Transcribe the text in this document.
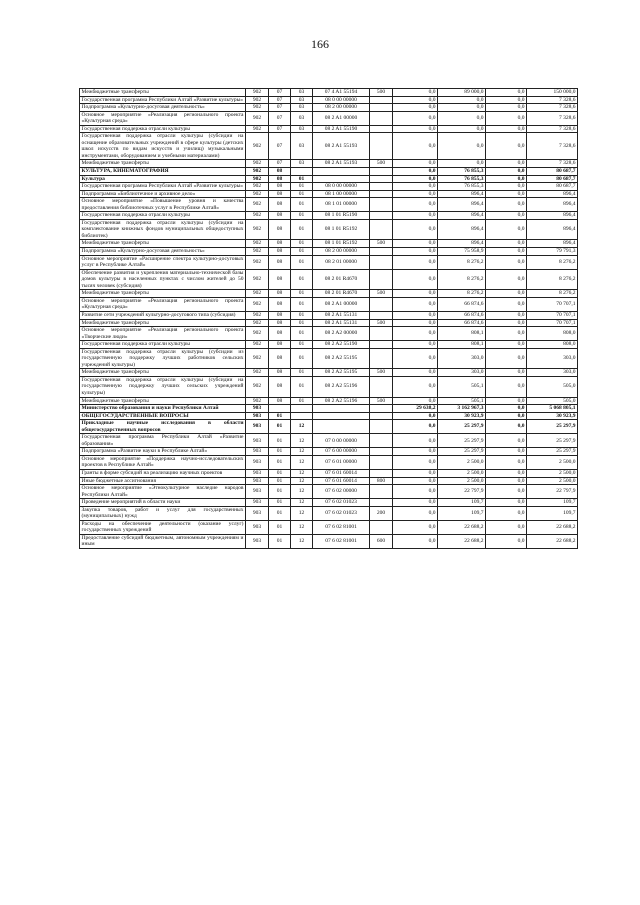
166
Межбюджетные трансферты	902	07	03	07 4 A1 55194	500	0,0	89 000,0	0,0	150 000,0
Государственная программа Республики Алтай «Развитие культуры»	902	07	03	08 0 00 00000		0,0	0,0	0,0	7 328,6
Подпрограмма «Культурно-досуговая деятельность»	902	07	03	08 2 00 00000		0,0	0,0	0,0	7 328,6
Основное мероприятие «Реализация регионального проекта «Культурная среда»	902	07	03	08 2 A1 00000		0,0	0,0	0,0	7 328,6
Государственная поддержка отрасли культуры	902	07	03	08 2 A1 55190		0,0	0,0	0,0	7 328,6
Государственная поддержка отрасли культуры (субсидии на оснащение образовательных учреждений в сфере культуры (детских школ искусств по видам искусств и училищ) музыкальными инструментами, оборудованием и учебными материалами)	902	07	03	08 2 A1 55193		0,0	0,0	0,0	7 328,6
Межбюджетные трансферты	902	07	03	08 2 A1 55193	500	0,0	0,0	0,0	7 328,6
КУЛЬТУРА, КИНЕМАТОГРАФИЯ	902	08				0,0	76 855,3	0,0	80 687,7
Культура	902	08	01			0,0	76 855,3	0,0	80 687,7
Государственная программа Республики Алтай «Развитие культуры»	902	08	01	08 0 00 00000		0,0	76 855,3	0,0	80 687,7
Подпрограмма «Библиотечное и архивное дело»	902	08	01	08 1 00 00000		0,0	896,4	0,0	896,4
Основное мероприятие «Повышение уровня и качества предоставления библиотечных услуг в Республике Алтай»	902	08	01	08 1 01 00000		0,0	896,4	0,0	896,4
Государственная поддержка отрасли культуры	902	08	01	08 1 01 R5190		0,0	896,4	0,0	896,4
Государственная поддержка отрасли культуры (субсидии на комплектование книжных фондов муниципальных общедоступных библиотек)	902	08	01	08 1 01 R5192		0,0	896,4	0,0	896,4
Межбюджетные трансферты	902	08	01	08 1 01 R5192	500	0,0	896,4	0,0	896,4
Подпрограмма «Культурно-досуговая деятельность»	902	08	01	08 2 00 00000		0,0	75 958,9	0,0	79 791,3
Основное мероприятие «Расширение спектра культурно-досуговых услуг в Республике Алтай»	902	08	01	08 2 01 00000		0,0	8 276,2	0,0	8 276,2
Обеспечение развития и укрепления материально-технической базы домов культуры в населенных пунктах с числом жителей до 50 тысяч человек (субсидия)	902	08	01	08 2 01 R4670		0,0	8 276,2	0,0	8 276,2
Межбюджетные трансферты	902	08	01	08 2 01 R4670	500	0,0	8 276,2	0,0	8 276,2
Основное мероприятие «Реализация регионального проекта «Культурная среда»	902	08	01	08 2 A1 00000		0,0	66 874,6	0,0	70 707,1
Развитие сети учреждений культурно-досугового типа (субсидия)	902	08	01	08 2 A1 55131		0,0	66 874,6	0,0	70 707,1
Межбюджетные трансферты	902	08	01	08 2 A1 55131	500	0,0	66 874,6	0,0	70 707,1
Основное мероприятие «Реализация регионального проекта «Творческие люди»	902	08	01	08 2 A2 00000		0,0	808,1	0,0	808,0
Государственная поддержка отрасли культуры	902	08	01	08 2 A2 55190		0,0	808,1	0,0	808,0
Государственная поддержка отрасли культуры (субсидии из государственную поддержку лучших работников сельских учреждений культуры)	902	08	01	08 2 A2 55195		0,0	303,0	0,0	303,0
Межбюджетные трансферты	902	08	01	08 2 A2 55195	500	0,0	303,0	0,0	303,0
Государственная поддержка отрасли культуры (субсидии на государственную поддержку лучших сельских учреждений культуры)	902	08	01	08 2 A2 55196		0,0	505,1	0,0	505,0
Межбюджетные трансферты	902	08	01	08 2 A2 55196	500	0,0	505,1	0,0	505,0
Министерство образования и науки Республики Алтай	903					29 638,2	3 162 967,3	0,0	5 068 805,1
ОБЩЕГОСУДАРСТВЕННЫЕ ВОПРОСЫ	903	01				0,0	30 923,9	0,0	30 923,9
Прикладные научные исследования в области общегосударственных вопросов	903	01	12			0,0	25 297,9	0,0	25 297,9
Государственная программа Республики Алтай «Развитие образования»	903	01	12	07 0 00 00000		0,0	25 297,9	0,0	25 297,9
Подпрограмма «Развитие науки в Республике Алтай»	903	01	12	07 6 00 00000		0,0	25 297,9	0,0	25 297,9
Основное мероприятие «Поддержка научно-исследовательских проектов в Республике Алтай»	903	01	12	07 6 01 00000		0,0	2 500,0	0,0	2 500,0
Гранты в форме субсидий на реализацию научных проектов	903	01	12	07 6 01 60014		0,0	2 500,0	0,0	2 500,0
Иные бюджетные ассигнования	903	01	12	07 6 01 60014	800	0,0	2 500,0	0,0	2 500,0
Основное мероприятие «Этнокультурное наследие народов Республики Алтай»	903	01	12	07 6 02 00000		0,0	22 797,9	0,0	22 797,9
Проведение мероприятий в области науки	903	01	12	07 6 02 01023		0,0	109,7	0,0	109,7
Закупка товаров, работ и услуг для государственных (муниципальных) нужд	903	01	12	07 6 02 01023	200	0,0	109,7	0,0	109,7
Расходы на обеспечение деятельности (оказание услуг) государственных учреждений	903	01	12	07 6 02 81001		0,0	22 688,2	0,0	22 688,2
Предоставление субсидий бюджетным, автономным учреждениям и иным	903	01	12	07 6 02 81001	600	0,0	22 688,2	0,0	22 688,2
